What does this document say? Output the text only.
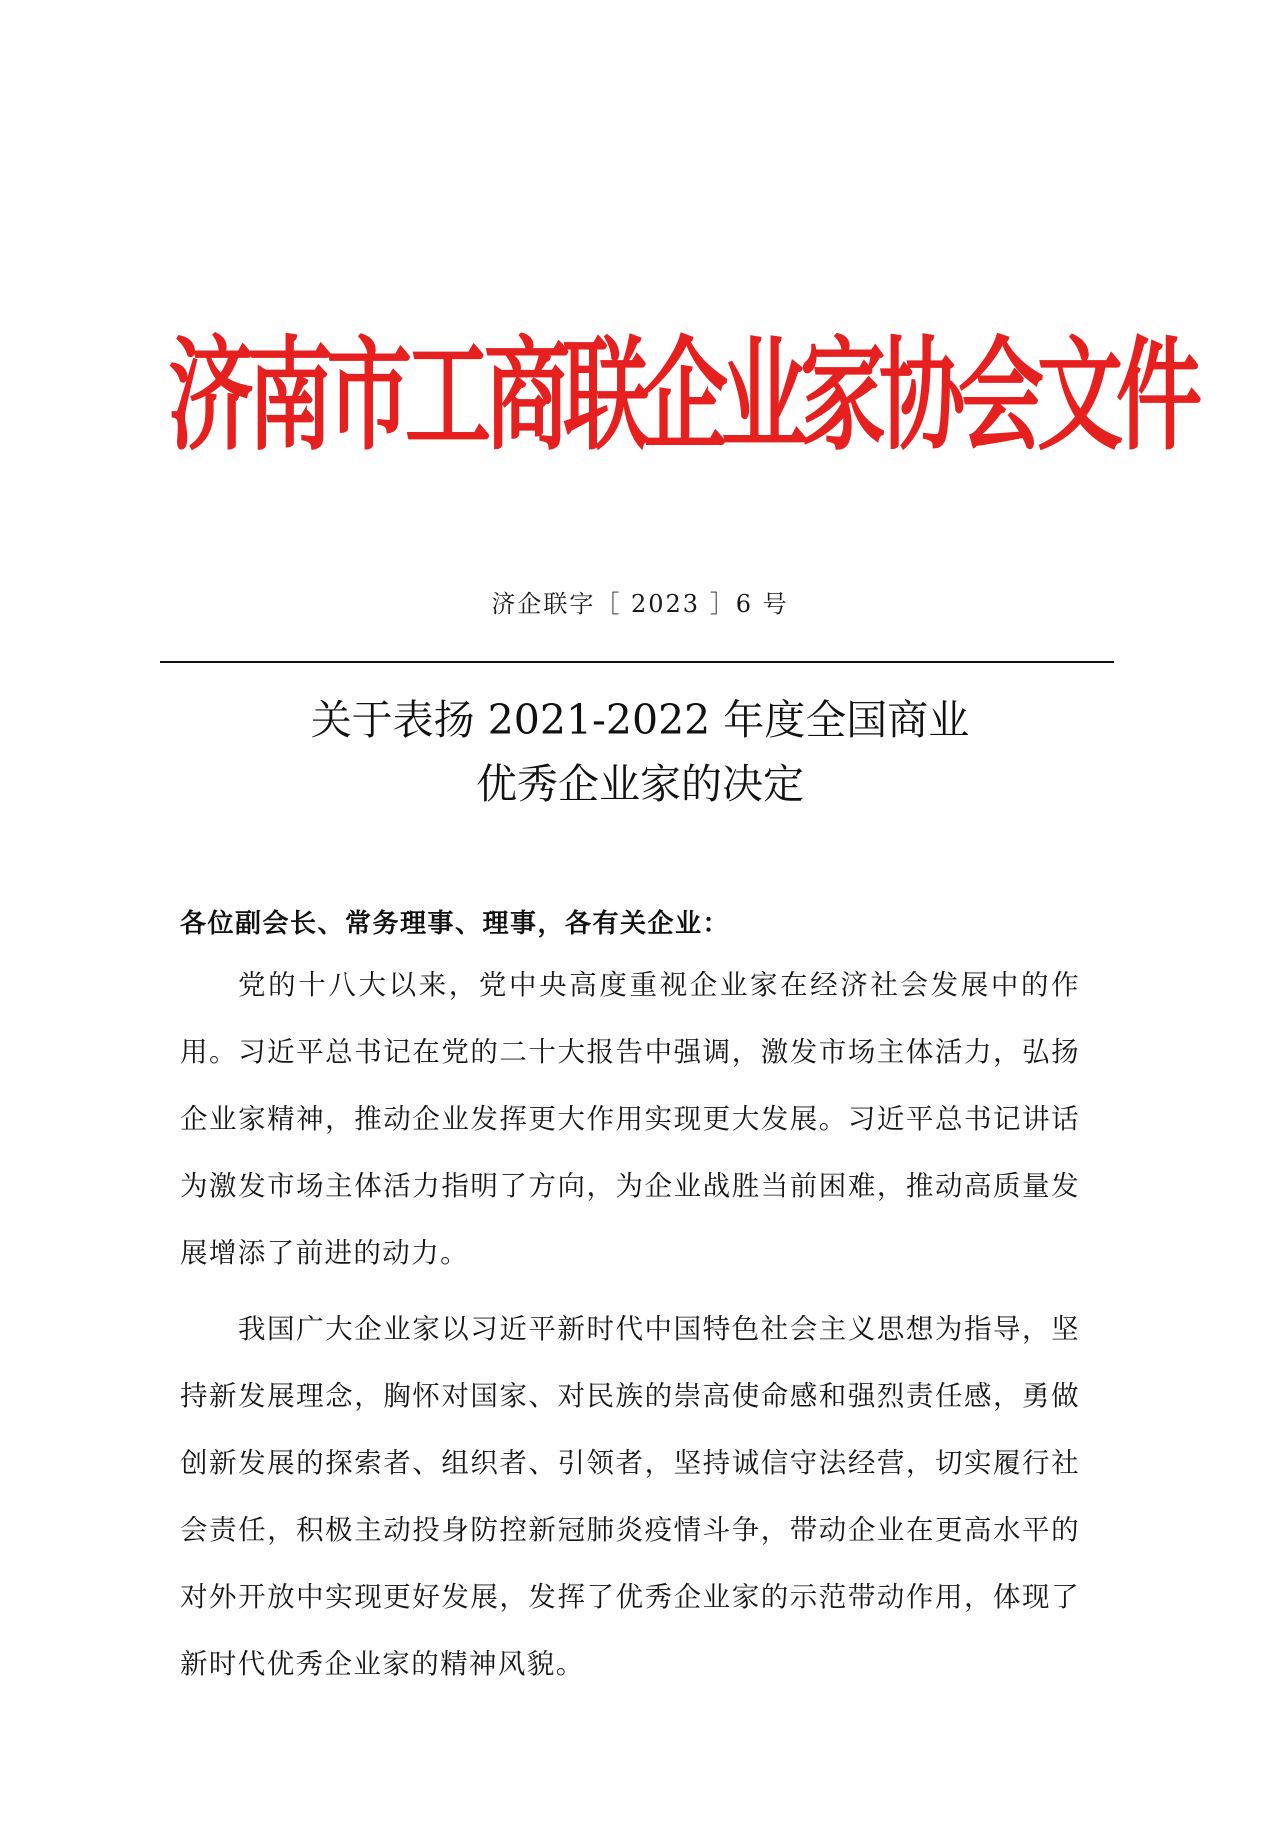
济南市工商联企业家协会文件
济企联字［ 2023 ］6 号
关于表扬 2021-2022 年度全国商业
优秀企业家的决定
各位副会长、常务理事、理事，各有关企业：

党的十八大以来，党中央高度重视企业家在经济社会发展中的作用。习近平总书记在党的二十大报告中强调，激发市场主体活力，弘扬企业家精神，推动企业发挥更大作用实现更大发展。习近平总书记讲话为激发市场主体活力指明了方向，为企业战胜当前困难，推动高质量发展增添了前进的动力。

我国广大企业家以习近平新时代中国特色社会主义思想为指导，坚持新发展理念，胸怀对国家、对民族的崇高使命感和强烈责任感，勇做创新发展的探索者、组织者、引领者，坚持诚信守法经营，切实履行社会责任，积极主动投身防控新冠肺炎疫情斗争，带动企业在更高水平的对外开放中实现更好发展，发挥了优秀企业家的示范带动作用，体现了新时代优秀企业家的精神风貌。
